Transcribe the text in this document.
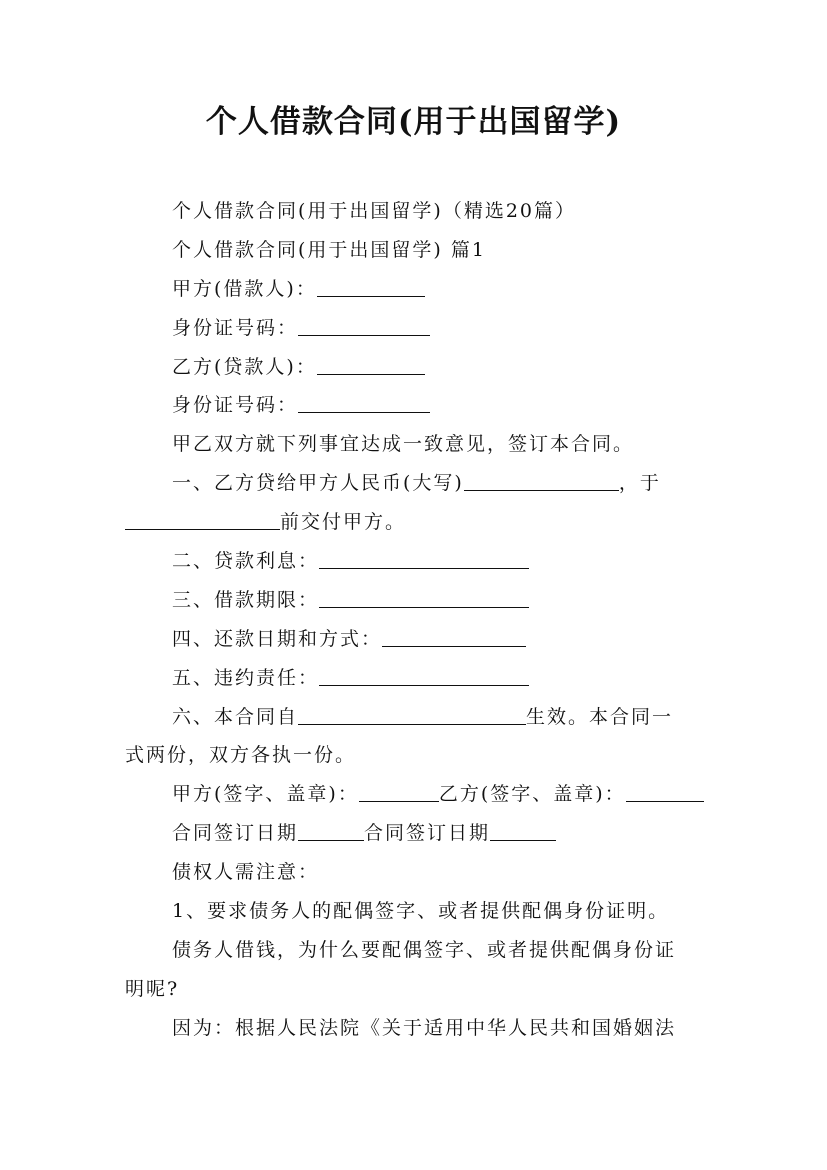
个人借款合同(用于出国留学)
个人借款合同(用于出国留学)（精选20篇）
个人借款合同(用于出国留学) 篇1
甲方(借款人)：
身份证号码：
乙方(贷款人)：
身份证号码：
甲乙双方就下列事宜达成一致意见，签订本合同。
一、乙方贷给甲方人民币(大写)	，于
前交付甲方。
二、贷款利息：
三、借款期限：
四、还款日期和方式：
五、违约责任：
六、本合同自	生效。本合同一
式两份，双方各执一份。
甲方(签字、盖章)：	乙方(签字、盖章)：
合同签订日期	合同签订日期
债权人需注意：
1、要求债务人的配偶签字、或者提供配偶身份证明。
债务人借钱，为什么要配偶签字、或者提供配偶身份证
明呢?
因为：根据人民法院《关于适用中华人民共和国婚姻法
